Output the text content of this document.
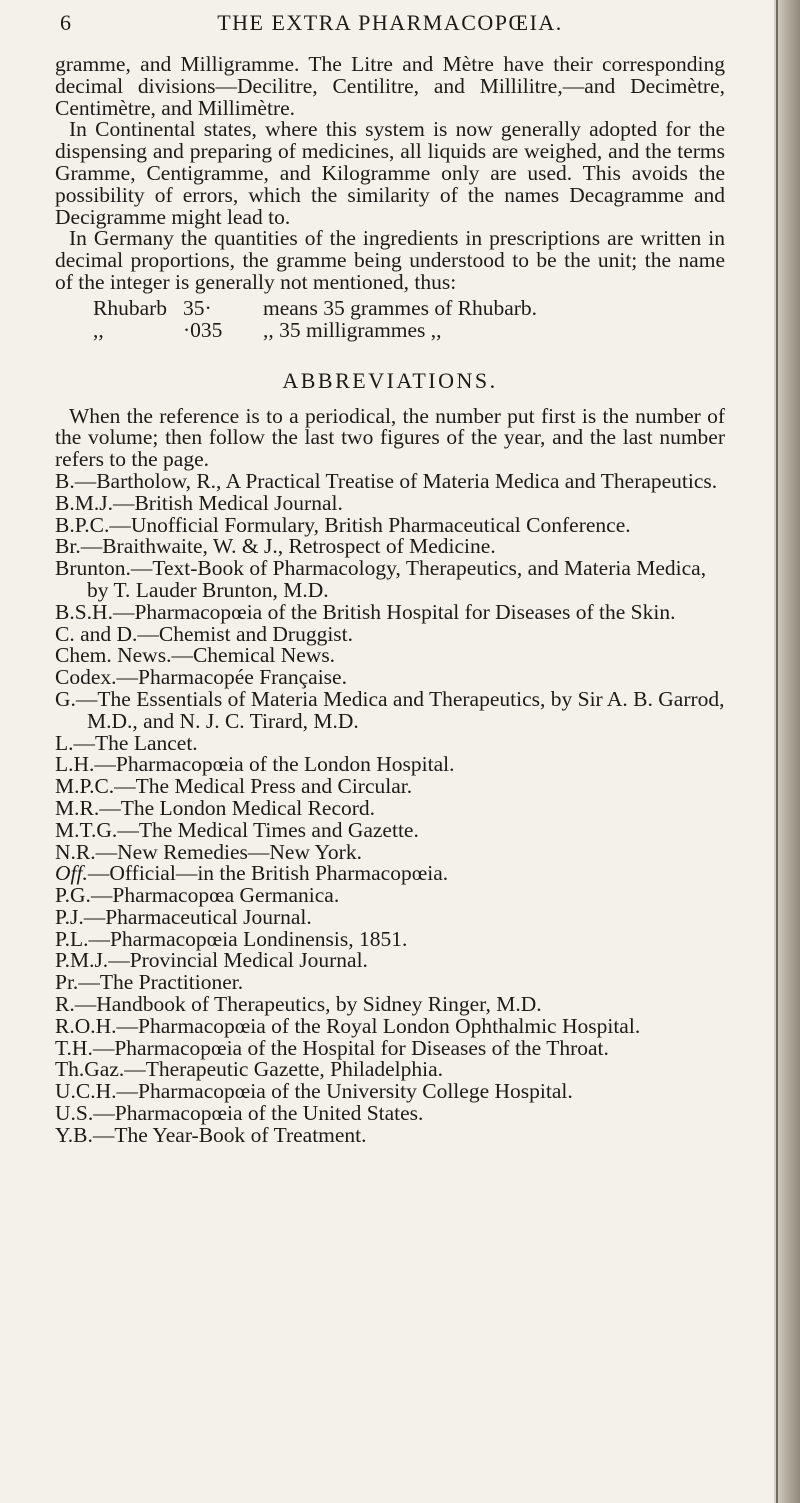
6	THE EXTRA PHARMACOPŒIA.

gramme, and Milligramme. The Litre and Mètre have their corresponding decimal divisions—Decilitre, Centilitre, and Millilitre,—and Decimètre, Centimètre, and Millimètre.

In Continental states, where this system is now generally adopted for the dispensing and preparing of medicines, all liquids are weighed, and the terms Gramme, Centigramme, and Kilogramme only are used. This avoids the possibility of errors, which the similarity of the names Decagramme and Decigramme might lead to.

In Germany the quantities of the ingredients in prescriptions are written in decimal proportions, the gramme being understood to be the unit; the name of the integer is generally not mentioned, thus:

Rhubarb 35·	means 35 grammes of Rhubarb.
,,	·035	,, 35 milligrammes ,,
ABBREVIATIONS.

When the reference is to a periodical, the number put first is the number of the volume; then follow the last two figures of the year, and the last number refers to the page.

B.—Bartholow, R., A Practical Treatise of Materia Medica and Therapeutics.

B.M.J.—British Medical Journal.

B.P.C.—Unofficial Formulary, British Pharmaceutical Conference.

Br.—Braithwaite, W. & J., Retrospect of Medicine.

Brunton.—Text-Book of Pharmacology, Therapeutics, and Materia Medica, by T. Lauder Brunton, M.D.

B.S.H.—Pharmacopœia of the British Hospital for Diseases of the Skin.

C. and D.—Chemist and Druggist.

Chem. News.—Chemical News.

Codex.—Pharmacopée Française.

G.—The Essentials of Materia Medica and Therapeutics, by Sir A. B. Garrod, M.D., and N. J. C. Tirard, M.D.

L.—The Lancet.

L.H.—Pharmacopœia of the London Hospital.

M.P.C.—The Medical Press and Circular.

M.R.—The London Medical Record.

M.T.G.—The Medical Times and Gazette.

N.R.—New Remedies—New York.

Off.—Official—in the British Pharmacopœia.

P.G.—Pharmacopœa Germanica.

P.J.—Pharmaceutical Journal.

P.L.—Pharmacopœia Londinensis, 1851.

P.M.J.—Provincial Medical Journal.

Pr.—The Practitioner.

R.—Handbook of Therapeutics, by Sidney Ringer, M.D.

R.O.H.—Pharmacopœia of the Royal London Ophthalmic Hospital.

T.H.—Pharmacopœia of the Hospital for Diseases of the Throat.

Th.Gaz.—Therapeutic Gazette, Philadelphia.

U.C.H.—Pharmacopœia of the University College Hospital.

U.S.—Pharmacopœia of the United States.

Y.B.—The Year-Book of Treatment.
